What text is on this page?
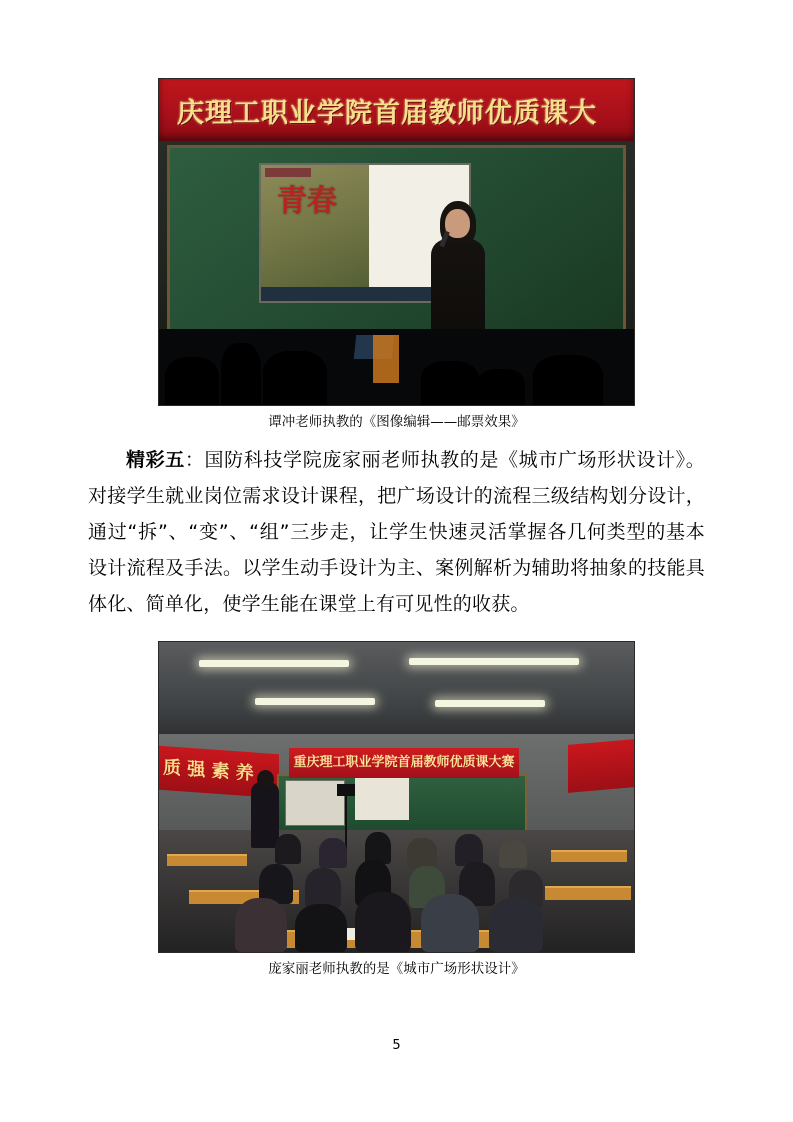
庆理工职业学院首届教师优质课大
青春
谭冲老师执教的《图像编辑——邮票效果》

精彩五：国防科技学院庞家丽老师执教的是《城市广场形状设计》。对接学生就业岗位需求设计课程，把广场设计的流程三级结构划分设计，通过“拆”、“变”、“组”三步走，让学生快速灵活掌握各几何类型的基本设计流程及手法。以学生动手设计为主、案例解析为辅助将抽象的技能具体化、简单化，使学生能在课堂上有可见性的收获。

质 强 素 养	重庆理工职业学院首届教师优质课大赛
庞家丽老师执教的是《城市广场形状设计》
5
